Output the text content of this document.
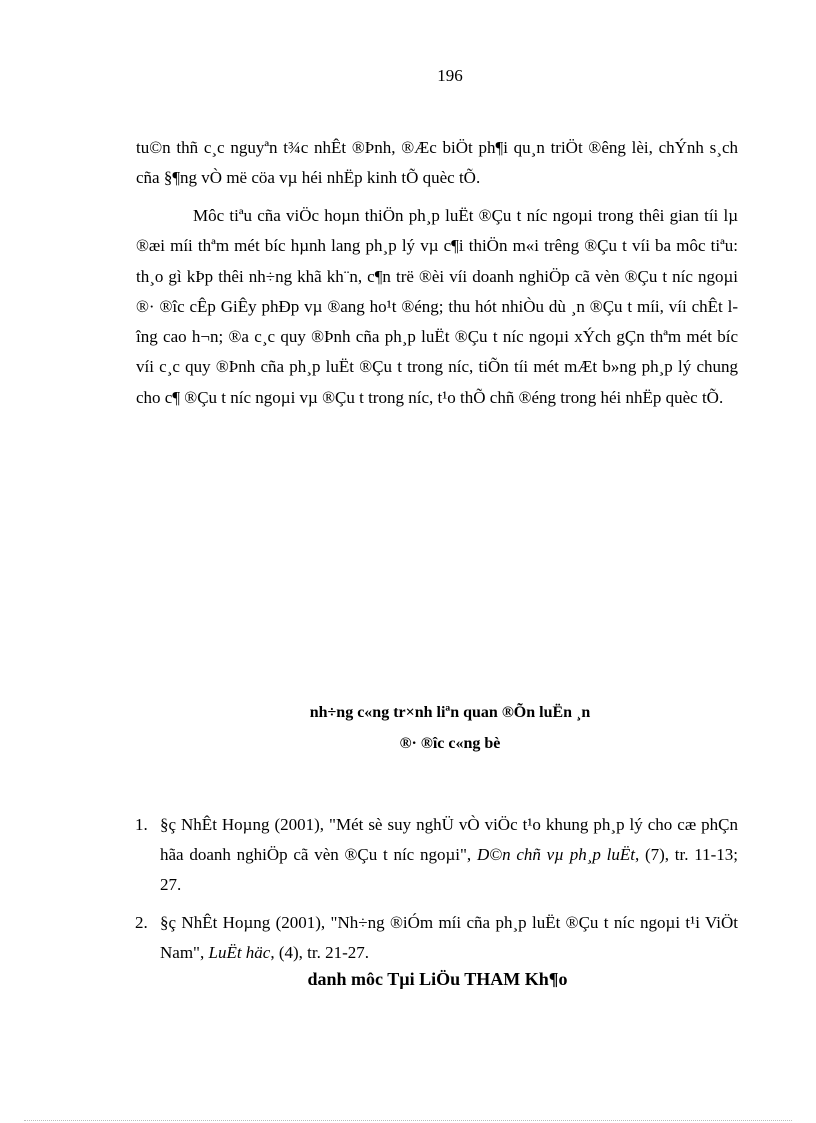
196

tu©n thñ c¸c nguyªn t¾c nhÊt ®Þnh, ®Æc biÖt ph¶i qu¸n triÖt ®êng lèi, chÝnh s¸ch cña §¶ng vÒ më cöa vµ héi nhËp kinh tÕ quèc tÕ.

Môc tiªu cña viÖc hoµn thiÖn ph¸p luËt ®Çu t níc ngoµi trong thêi gian tíi lµ ®æi míi thªm mét bíc hµnh lang ph¸p lý vµ c¶i thiÖn m«i trêng ®Çu t víi ba môc tiªu: th¸o gì kÞp thêi nh÷ng khã kh¨n, c¶n trë ®èi víi doanh nghiÖp cã vèn ®Çu t níc ngoµi ®· ®îc cÊp GiÊy phÐp vµ ®ang ho¹t ®éng; thu hót nhiÒu dù ¸n ®Çu t míi, víi chÊt lîng cao h¬n; ®a c¸c quy ®Þnh cña ph¸p luËt ®Çu t níc ngoµi xÝch gÇn thªm mét bíc víi c¸c quy ®Þnh cña ph¸p luËt ®Çu t trong níc, tiÕn tíi mét mÆt b»ng ph¸p lý chung cho c¶ ®Çu t níc ngoµi vµ ®Çu t trong níc, t¹o thÕ chñ ®éng trong héi nhËp quèc tÕ.

nh÷ng c«ng tr×nh liªn quan ®Õn luËn ¸n
®· ®îc c«ng bè
1. §ç NhÊt Hoµng (2001), "Mét sè suy nghÜ vÒ viÖc t¹o khung ph¸p lý cho cæ phÇn hãa doanh nghiÖp cã vèn ®Çu t níc ngoµi", D©n chñ vµ ph¸p luËt, (7), tr. 11-13; 27.
2. §ç NhÊt Hoµng (2001), "Nh÷ng ®iÓm míi cña ph¸p luËt ®Çu t níc ngoµi t¹i ViÖt Nam", LuËt häc, (4), tr. 21-27.
danh môc Tµi LiÖu THAM Kh¶o
